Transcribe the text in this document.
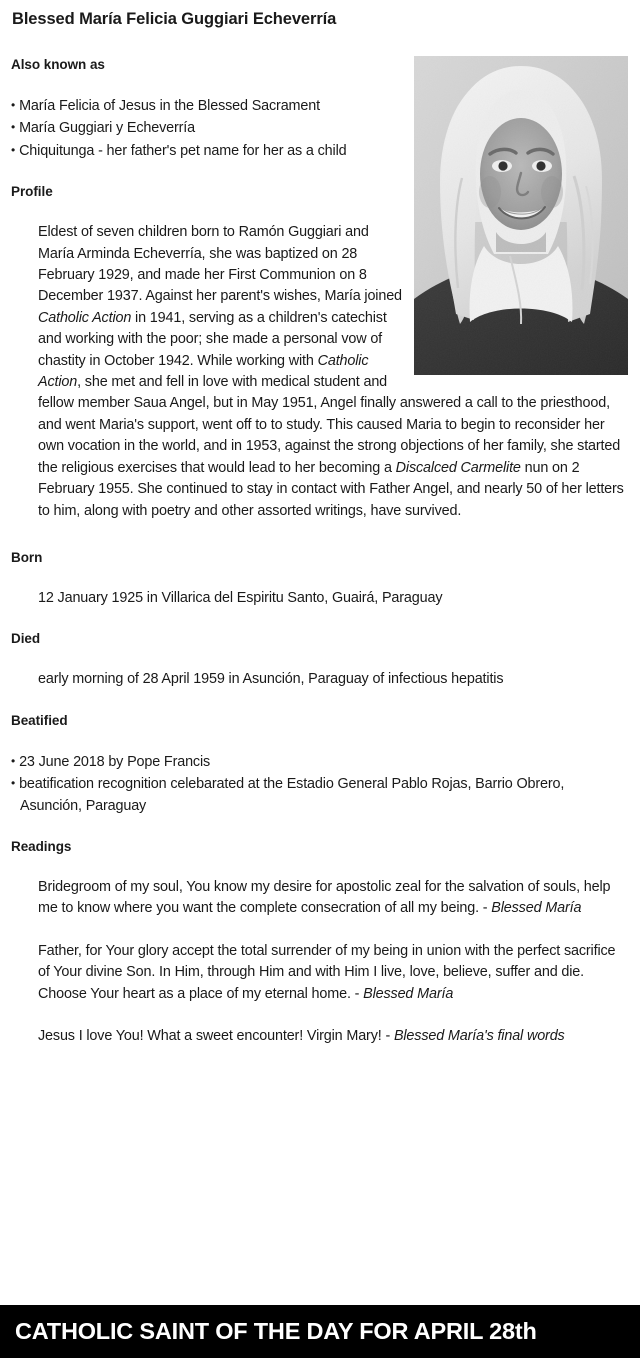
Blessed María Felicia Guggiari Echeverría
Also known as
• María Felicia of Jesus in the Blessed Sacrament
• María Guggiari y Echeverría
• Chiquitunga - her father's pet name for her as a child
Profile

Eldest of seven children born to Ramón Guggiari and María Arminda Echeverría, she was baptized on 28 February 1929, and made her First Communion on 8 December 1937. Against her parent's wishes, María joined Catholic Action in 1941, serving as a children's catechist and working with the poor; she made a personal vow of chastity in October 1942. While working with Catholic Action, she met and fell in love with medical student and fellow member Saua Angel, but in May 1951, Angel finally answered a call to the priesthood, and went Maria's support, went off to to study. This caused Maria to begin to reconsider her own vocation in the world, and in 1953, against the strong objections of her family, she started the religious exercises that would lead to her becoming a Discalced Carmelite nun on 2 February 1955. She continued to stay in contact with Father Angel, and nearly 50 of her letters to him, along with poetry and other assorted writings, have survived.

Born

12 January 1925 in Villarica del Espiritu Santo, Guairá, Paraguay

Died

early morning of 28 April 1959 in Asunción, Paraguay of infectious hepatitis

Beatified
• 23 June 2018 by Pope Francis
• beatification recognition celebarated at the Estadio General Pablo Rojas, Barrio Obrero, Asunción, Paraguay
Readings

Bridegroom of my soul, You know my desire for apostolic zeal for the salvation of souls, help me to know where you want the complete consecration of all my being. - Blessed María

Father, for Your glory accept the total surrender of my being in union with the perfect sacrifice of Your divine Son. In Him, through Him and with Him I live, love, believe, suffer and die. Choose Your heart as a place of my eternal home. - Blessed María

Jesus I love You! What a sweet encounter! Virgin Mary! - Blessed María's final words

CATHOLIC SAINT OF THE DAY FOR APRIL 28th
